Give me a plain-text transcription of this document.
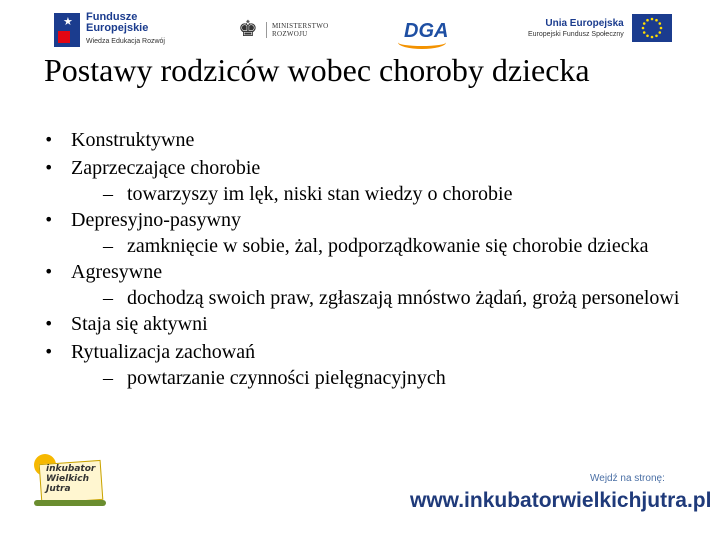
★ Fundusze
Europejskie
Wiedza Edukacja Rozwój	♚	MINISTERSTWO
ROZWOJU	DGA	Unia Europejska
Europejski Fundusz Społeczny
Postawy rodziców wobec choroby dziecka
• Konstruktywne
• Zaprzeczające chorobie
– towarzyszy im lęk, niski stan wiedzy o chorobie
• Depresyjno-pasywny
– zamknięcie w sobie, żal, podporządkowanie się chorobie dziecka
• Agresywne
– dochodzą swoich praw, zgłaszają mnóstwo żądań, grożą personelowi
• Staja się aktywni
• Rytualizacja zachowań
– powtarzanie czynności pielęgnacyjnych
inkubator Wielkich Jutra
Wejdź na stronę:
www.inkubatorwielkichjutra.pl
